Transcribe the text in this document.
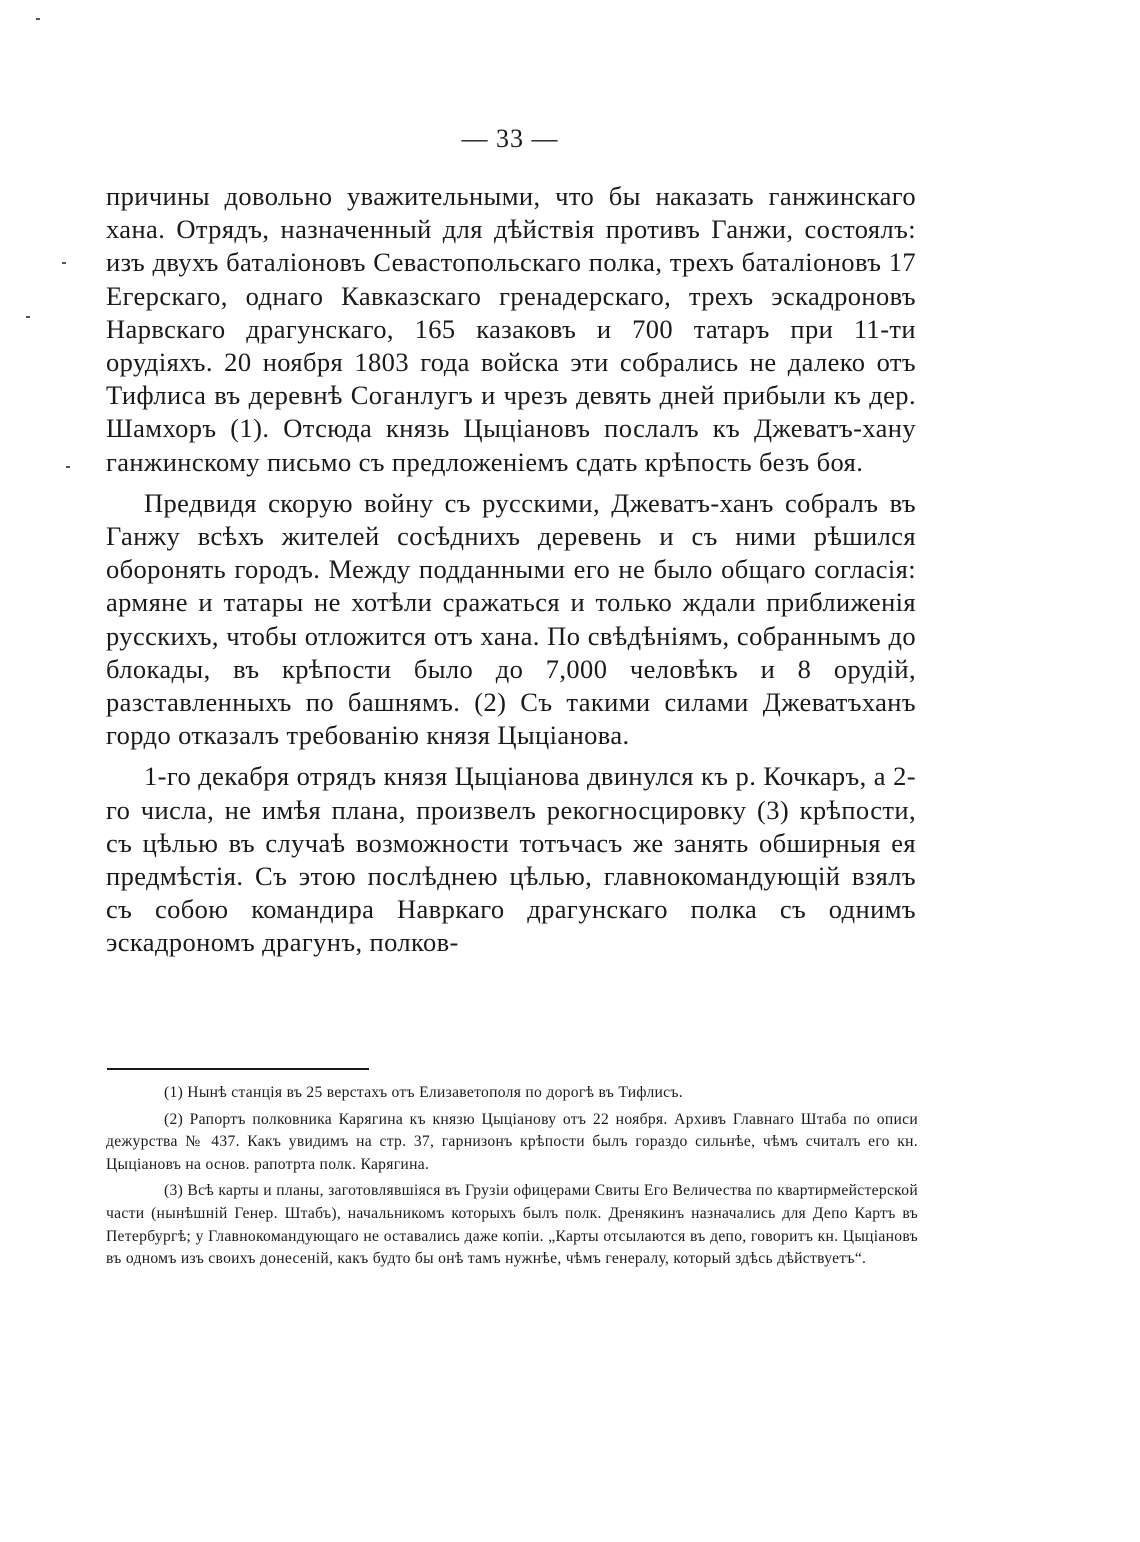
— 33 —

причины довольно уважительными, что бы наказать ганжинскаго хана. Отрядъ, назначенный для дѣйствія противъ Ганжи, состоялъ: изъ двухъ баталіоновъ Севастопольскаго полка, трехъ баталіоновъ 17 Егерскаго, однаго Кавказскаго гренадерскаго, трехъ эскадроновъ Нарвскаго драгунскаго, 165 казаковъ и 700 татаръ при 11-ти орудіяхъ. 20 ноября 1803 года войска эти собрались не далеко отъ Тифлиса въ деревнѣ Соганлугъ и чрезъ девять дней прибыли къ дер. Шамхоръ (1). Отсюда князь Цыціановъ послалъ къ Джеватъ-хану ганжинскому письмо съ предложеніемъ сдать крѣпость безъ боя.

Предвидя скорую войну съ русскими, Джеватъ-ханъ собралъ въ Ганжу всѣхъ жителей сосѣднихъ деревень и съ ними рѣшился оборонять городъ. Между подданными его не было общаго согласія: армяне и татары не хотѣли сражаться и только ждали приближенія русскихъ, чтобы отложится отъ хана. По свѣдѣніямъ, собраннымъ до блокады, въ крѣпости было до 7,000 человѣкъ и 8 орудій, разставленныхъ по башнямъ. (2) Съ такими силами Джеватъханъ гордо отказалъ требованію князя Цыціанова.

1-го декабря отрядъ князя Цыціанова двинулся къ р. Кочкаръ, а 2-го числа, не имѣя плана, произвелъ рекогносцировку (3) крѣпости, съ цѣлью въ случаѣ возможности тотъчасъ же занять обширныя ея предмѣстія. Съ этою послѣднею цѣлью, главнокомандующій взялъ съ собою командира Навркаго драгунскаго полка съ однимъ эскадрономъ драгунъ, полков-

(1) Нынѣ станція въ 25 верстахъ отъ Елизаветополя по дорогѣ въ Тифлисъ.

(2) Рапортъ полковника Карягина къ князю Цыціанову отъ 22 ноября. Архивъ Главнаго Штаба по описи дежурства № 437. Какъ увидимъ на стр. 37, гарнизонъ крѣпости былъ гораздо сильнѣе, чѣмъ считалъ его кн. Цыціановъ на основ. рапотрта полк. Карягина.

(3) Всѣ карты и планы, заготовлявшіяся въ Грузіи офицерами Свиты Его Величества по квартирмейстерской части (нынѣшній Генер. Штабъ), начальникомъ которыхъ былъ полк. Дренякинъ назначались для Депо Картъ въ Петербургѣ; у Главнокомандующаго не оставались даже копіи. „Карты отсылаются въ депо, говоритъ кн. Цыціановъ въ одномъ изъ своихъ донесеній, какъ будто бы онѣ тамъ нужнѣе, чѣмъ генералу, который здѣсь дѣйствуетъ“.
